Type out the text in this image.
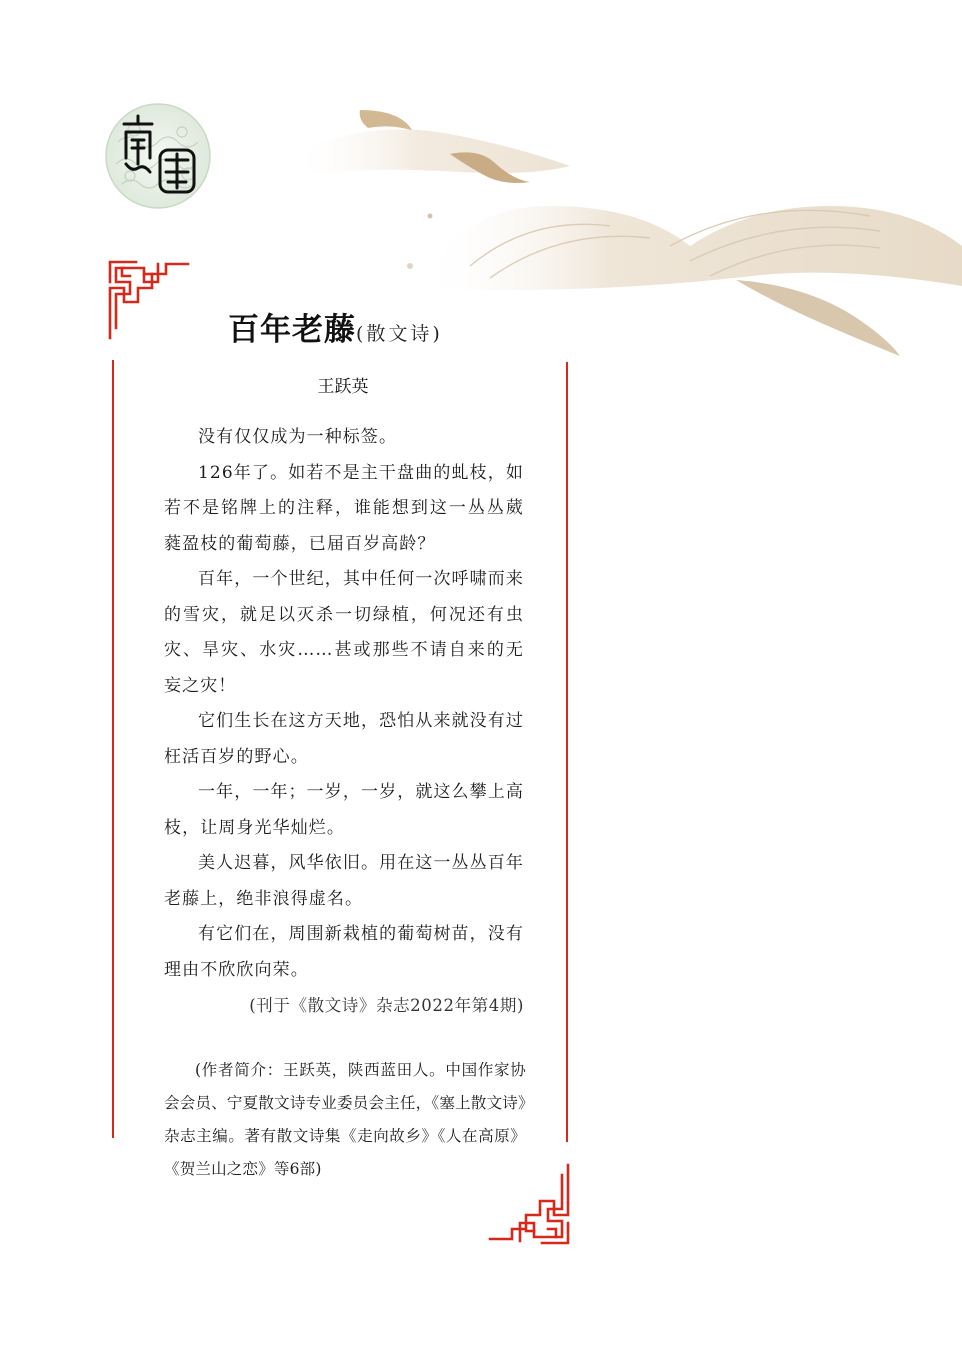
百年老藤(散文诗)
王跃英

没有仅仅成为一种标签。

126年了。如若不是主干盘曲的虬枝，如若不是铭牌上的注释，谁能想到这一丛丛葳蕤盈枝的葡萄藤，已届百岁高龄？

百年，一个世纪，其中任何一次呼啸而来的雪灾，就足以灭杀一切绿植，何况还有虫灾、旱灾、水灾……甚或那些不请自来的无妄之灾！

它们生长在这方天地，恐怕从来就没有过枉活百岁的野心。

一年，一年；一岁，一岁，就这么攀上高枝，让周身光华灿烂。

美人迟暮，风华依旧。用在这一丛丛百年老藤上，绝非浪得虚名。

有它们在，周围新栽植的葡萄树苗，没有理由不欣欣向荣。

(刊于《散文诗》杂志2022年第4期)
(作者简介：王跃英，陕西蓝田人。中国作家协会会员、宁夏散文诗专业委员会主任，《塞上散文诗》杂志主编。著有散文诗集《走向故乡》《人在高原》《贺兰山之恋》等6部)
